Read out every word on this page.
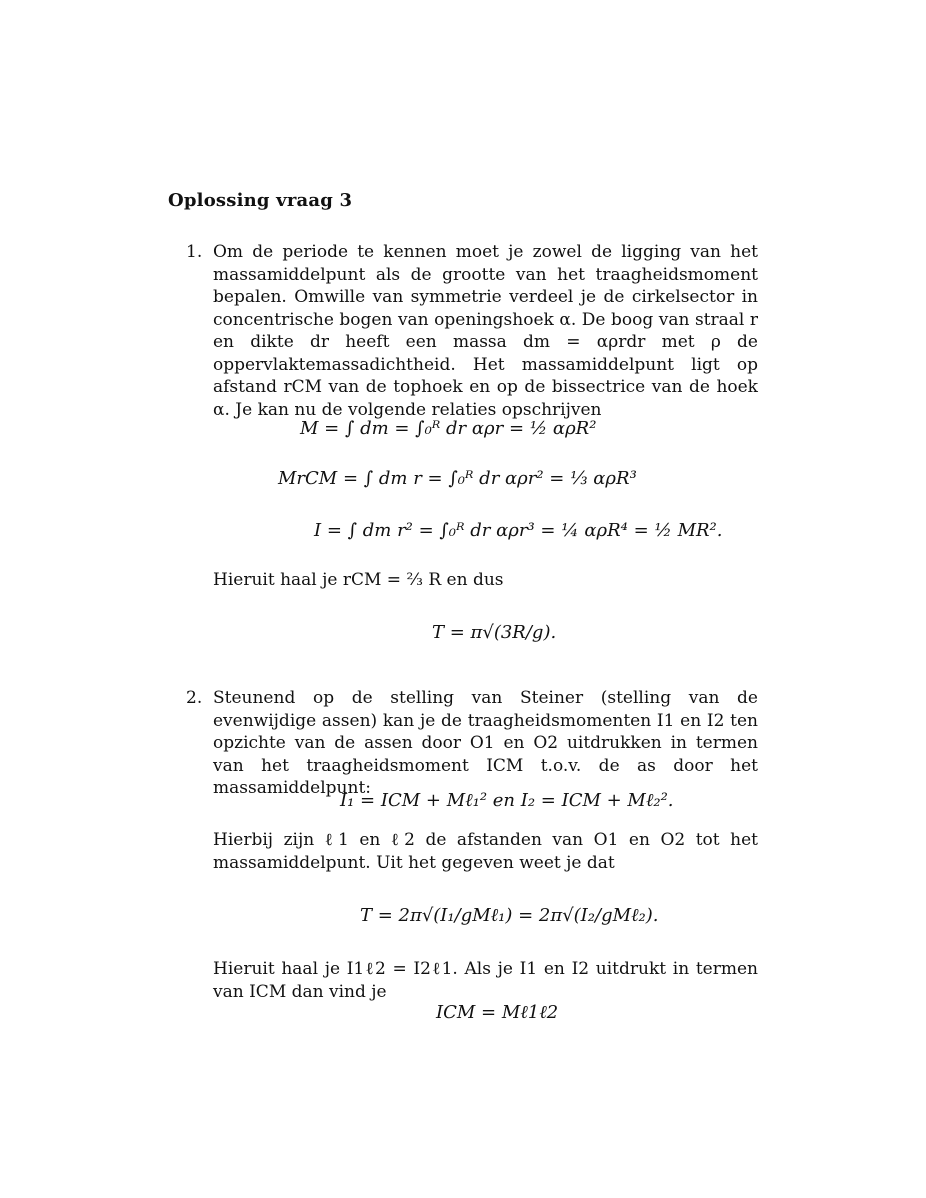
Oplossing vraag 3
1. Om de periode te kennen moet je zowel de ligging van het massamiddelpunt als de grootte van het traagheidsmoment bepalen. Omwille van symmetrie verdeel je de cirkelsector in concentrische bogen van openingshoek α. De boog van straal r en dikte dr heeft een massa dm = αρrdr met ρ de oppervlaktemassadichtheid. Het massamiddelpunt ligt op afstand rCM van de tophoek en op de bissectrice van de hoek α. Je kan nu de volgende relaties opschrijven
M = ∫ dm = ∫₀ᴿ dr αρr = ½ αρR²
MrCM = ∫ dm r = ∫₀ᴿ dr αρr² = ⅓ αρR³
I = ∫ dm r² = ∫₀ᴿ dr αρr³ = ¼ αρR⁴ = ½ MR².
Hieruit haal je rCM = ⅔ R en dus
T = π√(3R/g).
2. Steunend op de stelling van Steiner (stelling van de evenwijdige assen) kan je de traagheidsmomenten I1 en I2 ten opzichte van de assen door O1 en O2 uitdrukken in termen van het traagheidsmoment ICM t.o.v. de as door het massamiddelpunt:
I₁ = ICM + Mℓ₁² en I₂ = ICM + Mℓ₂².
Hierbij zijn ℓ1 en ℓ2 de afstanden van O1 en O2 tot het massamiddelpunt. Uit het gegeven weet je dat
T = 2π√(I₁/gMℓ₁) = 2π√(I₂/gMℓ₂).
Hieruit haal je I1ℓ2 = I2ℓ1. Als je I1 en I2 uitdrukt in termen van ICM dan vind je
ICM = Mℓ1ℓ2
